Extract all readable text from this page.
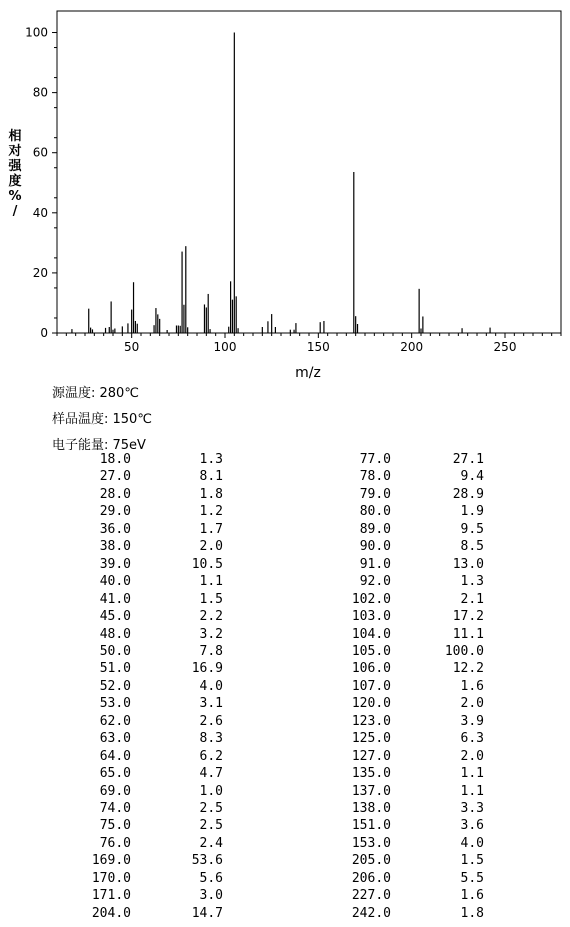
50	100	150	200	250
0
20
40
60
80
100
m/z
相对强度% /
源温度: 280℃
样品温度: 150℃
电子能量: 75eV
18.0	1.3
27.0	8.1
28.0	1.8
29.0	1.2
36.0	1.7
38.0	2.0
39.0	10.5
40.0	1.1
41.0	1.5
45.0	2.2
48.0	3.2
50.0	7.8
51.0	16.9
52.0	4.0
53.0	3.1
62.0	2.6
63.0	8.3
64.0	6.2
65.0	4.7
69.0	1.0
74.0	2.5
75.0	2.5
76.0	2.4
169.0	53.6
170.0	5.6
171.0	3.0
204.0	14.7
77.0	27.1
78.0	9.4
79.0	28.9
80.0	1.9
89.0	9.5
90.0	8.5
91.0	13.0
92.0	1.3
102.0	2.1
103.0	17.2
104.0	11.1
105.0	100.0
106.0	12.2
107.0	1.6
120.0	2.0
123.0	3.9
125.0	6.3
127.0	2.0
135.0	1.1
137.0	1.1
138.0	3.3
151.0	3.6
153.0	4.0
205.0	1.5
206.0	5.5
227.0	1.6
242.0	1.8
